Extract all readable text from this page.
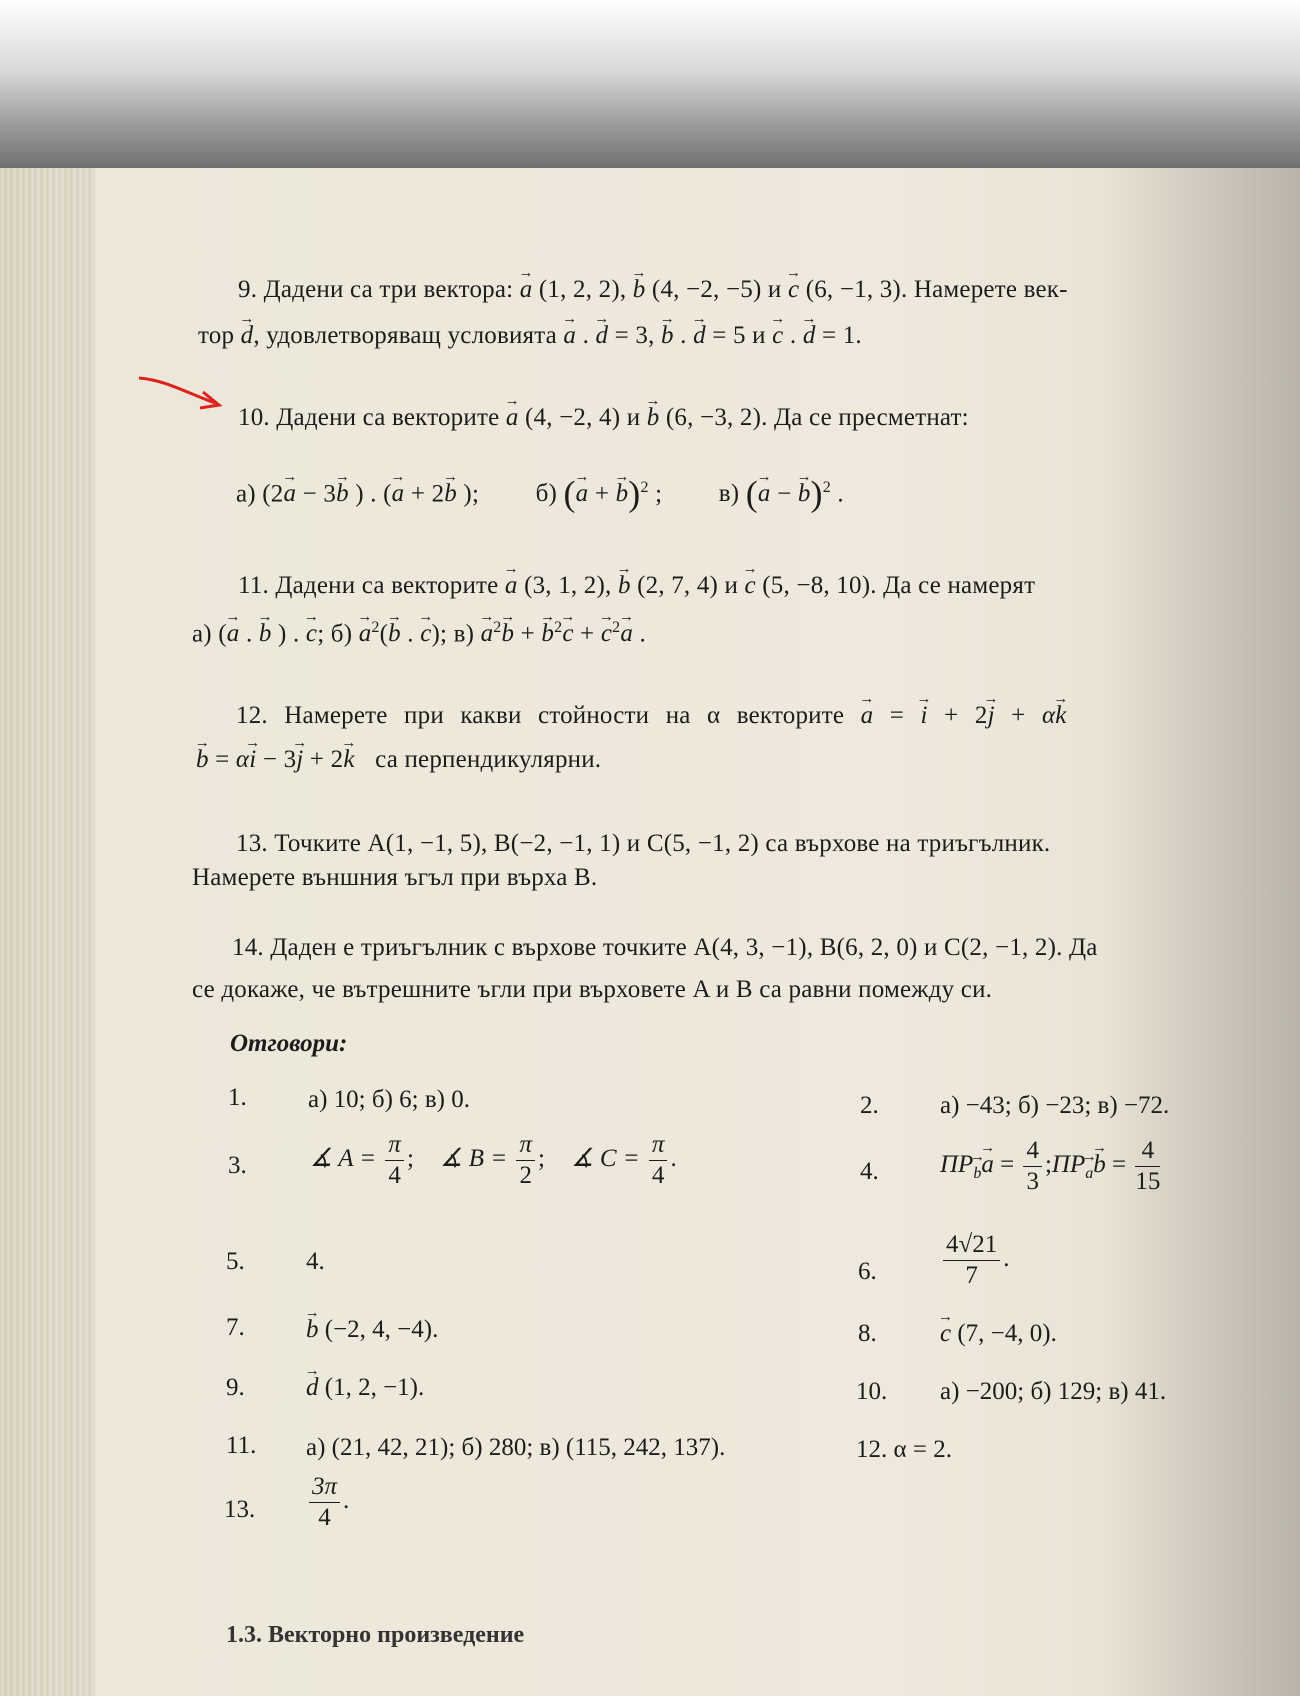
9. Дадени са три вектора: → a (1, 2, 2), → b (4, −2, −5) и → c (6, −1, 3). Намерете век-
тор → d, удовлетворяващ условията → a . → d = 3, → b . → d = 5 и → c . → d = 1.
10. Дадени са векторите → a (4, −2, 4) и → b (6, −3, 2). Да се пресметнат:
а) (2→ a − 3→ b ) . (→ a + 2→ b ); б) (→ a + → b)$^2$ ; в) (→ a − → b)$^2$ .
11. Дадени са векторите → a (3, 1, 2), → b (2, 7, 4) и → c (5, −8, 10). Да се намерят
а) (→ a . → b ) . → c; $б) \to a^2(\to b$ . → c); $в) \to a^2\to b$ + → $b^2\to c$ + → $c^2\to a$ .
12. Намерете при какви стойности на α векторите → a = → i + 2→ j + α→ k
→ b = α→ i − 3→ j + 2→ k са перпендикулярни.
13. Точките A(1, −1, 5), B(−2, −1, 1) и C(5, −1, 2) са върхове на триъгълник.
Намерете външния ъгъл при върха B.
14. Даден е триъгълник с върхове точките A(4, 3, −1), B(6, 2, 0) и C(2, −1, 2). Да
се докаже, че вътрешните ъгли при върховете A и B са равни помежду си.
Отговори:
1. а) 10; б) 6; в) 0.	2. а) −43; б) −23; в) −72.
3.	∡ $A = \frac{\pi}{4}$ ; ∡ $B = \frac{\pi}{2}$ ; ∡ $C = \frac{\pi}{4}$ .	4. $ПР\to _b\to a = \frac{4}{3}$ ;ПР→ $_a\to b = \frac{4}{15}$
5. 4.	6.	$\frac{4√21}{7}$ .
7. → b (−2, 4, −4).	8.	→ c (7, −4, 0).
9. → d (1, 2, −1).	10. а) −200; б) 129; в) 41.
11. а) (21, 42, 21); б) 280; в) (115, 242, 137).	12. α = 2.
13. $\frac{3\pi}{4}$ .
1.3. Векторно произведение
